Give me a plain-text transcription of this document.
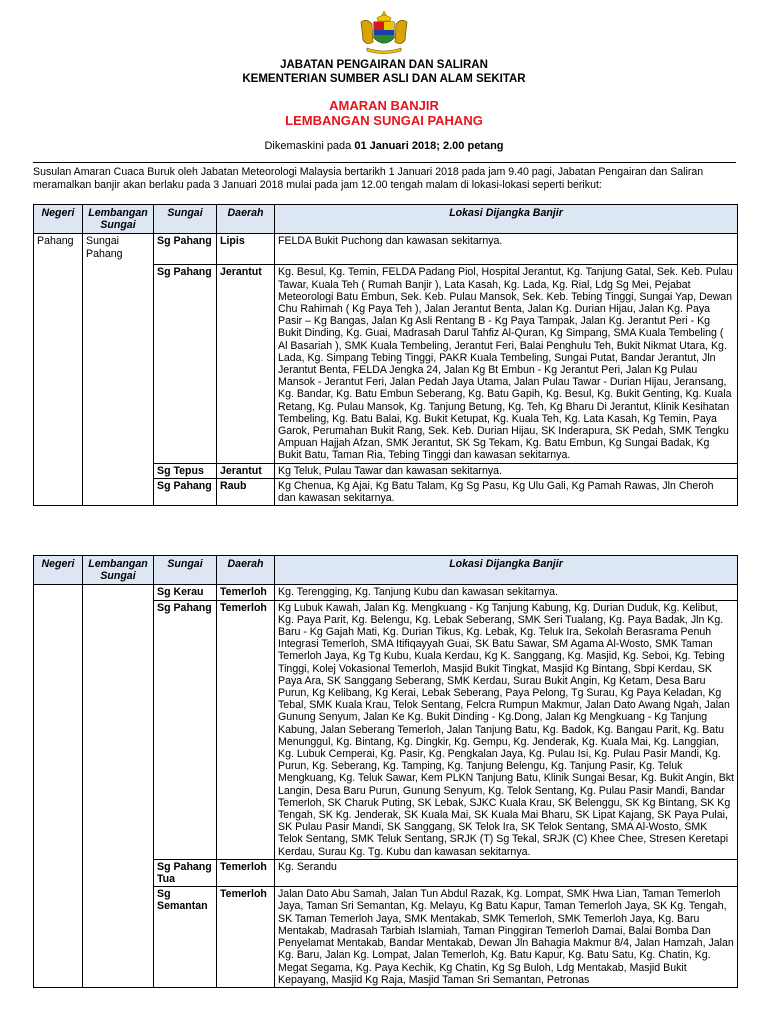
JABATAN PENGAIRAN DAN SALIRAN
KEMENTERIAN SUMBER ASLI DAN ALAM SEKITAR
AMARAN BANJIR
LEMBANGAN SUNGAI PAHANG
Dikemaskini pada 01 Januari 2018; 2.00 petang
Susulan Amaran Cuaca Buruk oleh Jabatan Meteorologi Malaysia bertarikh 1 Januari 2018 pada jam 9.40 pagi, Jabatan Pengairan dan Saliran meramalkan banjir akan berlaku pada 3 Januari 2018 mulai pada jam 12.00 tengah malam di lokasi-lokasi seperti berikut:
Negeri	Lembangan Sungai	Sungai	Daerah	Lokasi Dijangka Banjir
Pahang	Sungai Pahang	Sg Pahang	Lipis	FELDA Bukit Puchong dan kawasan sekitarnya.
		Sg Pahang	Jerantut	Kg. Besul, Kg. Temin, FELDA Padang Piol, Hospital Jerantut, Kg. Tanjung Gatal, Sek. Keb. Pulau Tawar, Kuala Teh ( Rumah Banjir ), Lata Kasah, Kg. Lada, Kg. Rial, Ldg Sg Mei, Pejabat Meteorologi Batu Embun, Sek. Keb. Pulau Mansok, Sek. Keb. Tebing Tinggi, Sungai Yap, Dewan Chu Rahimah ( Kg Paya Teh ), Jalan Jerantut Benta, Jalan Kg. Durian Hijau, Jalan Kg. Paya Pasir – Kg Bangas, Jalan Kg Asli Rentang B - Kg Paya Tampak, Jalan Kg. Jerantut Peri - Kg Bukit Dinding, Kg. Guai, Madrasah Darul Tahfiz Al-Quran, Kg Simpang, SMA Kuala Tembeling ( Al Basariah ), SMK Kuala Tembeling, Jerantut Feri, Balai Penghulu Teh, Bukit Nikmat Utara, Kg. Lada, Kg. Simpang Tebing Tinggi, PAKR Kuala Tembeling, Sungai Putat, Bandar Jerantut, Jln Jerantut Benta, FELDA Jengka 24, Jalan Kg Bt Embun - Kg Jerantut Peri, Jalan Kg Pulau Mansok - Jerantut Feri, Jalan Pedah Jaya Utama, Jalan Pulau Tawar - Durian Hijau, Jeransang, Kg. Bandar, Kg. Batu Embun Seberang, Kg. Batu Gapih, Kg. Besul, Kg. Bukit Genting, Kg. Kuala Retang, Kg. Pulau Mansok, Kg. Tanjung Betung, Kg. Teh, Kg Bharu Di Jerantut, Klinik Kesihatan Tembeling, Kg. Batu Balai, Kg. Bukit Ketupat, Kg. Kuala Teh, Kg. Lata Kasah, Kg Temin, Paya Garok, Perumahan Bukit Rang, Sek. Keb. Durian Hijau, SK Inderapura, SK Pedah, SMK Tengku Ampuan Hajjah Afzan, SMK Jerantut, SK Sg Tekam, Kg. Batu Embun, Kg Sungai Badak, Kg Bukit Batu, Taman Ria, Tebing Tinggi dan kawasan sekitarnya.
		Sg Tepus	Jerantut	Kg Teluk, Pulau Tawar dan kawasan sekitarnya.
		Sg Pahang	Raub	Kg Chenua, Kg Ajai, Kg Batu Talam, Kg Sg Pasu, Kg Ulu Gali, Kg Pamah Rawas, Jln Cheroh dan kawasan sekitarnya.
Negeri	Lembangan Sungai	Sungai	Daerah	Lokasi Dijangka Banjir
		Sg Kerau	Temerloh	Kg. Terengging, Kg. Tanjung Kubu dan kawasan sekitarnya.
		Sg Pahang	Temerloh	Kg Lubuk Kawah, Jalan Kg. Mengkuang - Kg Tanjung Kabung, Kg. Durian Duduk, Kg. Kelibut, Kg. Paya Parit, Kg. Belengu, Kg. Lebak Seberang, SMK Seri Tualang, Kg. Paya Badak, Jln Kg. Baru - Kg Gajah Mati, Kg. Durian Tikus, Kg. Lebak, Kg. Teluk Ira, Sekolah Berasrama Penuh Integrasi Temerloh, SMA Itifiqayyah Guai, SK Batu Sawar, SM Agama Al-Wosto, SMK Taman Temerloh Jaya, Kg Tg Kubu, Kuala Kerdau, Kg K. Sanggang, Kg. Masjid, Kg. Seboi, Kg. Tebing Tinggi, Kolej Vokasional Temerloh, Masjid Bukit Tingkat, Masjid Kg Bintang, Sbpi Kerdau, SK Paya Ara, SK Sanggang Seberang, SMK Kerdau, Surau Bukit Angin, Kg Ketam, Desa Baru Purun, Kg Kelibang, Kg Kerai, Lebak Seberang, Paya Pelong, Tg Surau, Kg Paya Keladan, Kg Tebal, SMK Kuala Krau, Telok Sentang, Felcra Rumpun Makmur, Jalan Dato Awang Ngah, Jalan Gunung Senyum, Jalan Ke Kg. Bukit Dinding - Kg.Dong, Jalan Kg Mengkuang - Kg Tanjung Kabung, Jalan Seberang Temerloh, Jalan Tanjung Batu, Kg. Badok, Kg. Bangau Parit, Kg. Batu Menunggul, Kg. Bintang, Kg. Dingkir, Kg. Gempu, Kg. Jenderak, Kg. Kuala Mai, Kg. Langgian, Kg. Lubuk Cemperai, Kg. Pasir, Kg. Pengkalan Jaya, Kg. Pulau Isi, Kg. Pulau Pasir Mandi, Kg. Purun, Kg. Seberang, Kg. Tamping, Kg. Tanjung Belengu, Kg. Tanjung Pasir, Kg. Teluk Mengkuang, Kg. Teluk Sawar, Kem PLKN Tanjung Batu, Klinik Sungai Besar, Kg. Bukit Angin, Bkt Langin, Desa Baru Purun, Gunung Senyum, Kg. Telok Sentang, Kg. Pulau Pasir Mandi, Bandar Temerloh, SK Charuk Puting, SK Lebak, SJKC Kuala Krau, SK Belenggu, SK Kg Bintang, SK Kg Tengah, SK Kg. Jenderak, SK Kuala Mai, SK Kuala Mai Bharu, SK Lipat Kajang, SK Paya Pulai, SK Pulau Pasir Mandi, SK Sanggang, SK Telok Ira, SK Telok Sentang, SMA Al-Wosto, SMK Telok Sentang, SMK Teluk Sentang, SRJK (T) Sg Tekal, SRJK (C) Khee Chee, Stresen Keretapi Kerdau, Surau Kg. Tg. Kubu dan kawasan sekitarnya.
		Sg Pahang Tua	Temerloh	Kg. Serandu
		Sg Semantan	Temerloh	Jalan Dato Abu Samah, Jalan Tun Abdul Razak, Kg. Lompat, SMK Hwa Lian, Taman Temerloh Jaya, Taman Sri Semantan, Kg. Melayu, Kg Batu Kapur, Taman Temerloh Jaya, SK Kg. Tengah, SK Taman Temerloh Jaya, SMK Mentakab, SMK Temerloh, SMK Temerloh Jaya, Kg. Baru Mentakab, Madrasah Tarbiah Islamiah, Taman Pinggiran Temerloh Damai, Balai Bomba Dan Penyelamat Mentakab, Bandar Mentakab, Dewan Jln Bahagia Makmur 8/4, Jalan Hamzah, Jalan Kg. Baru, Jalan Kg. Lompat, Jalan Temerloh, Kg. Batu Kapur, Kg. Batu Satu, Kg. Chatin, Kg. Megat Segama, Kg. Paya Kechik, Kg Chatin, Kg Sg Buloh, Ldg Mentakab, Masjid Bukit Kepayang, Masjid Kg Raja, Masjid Taman Sri Semantan, Petronas
